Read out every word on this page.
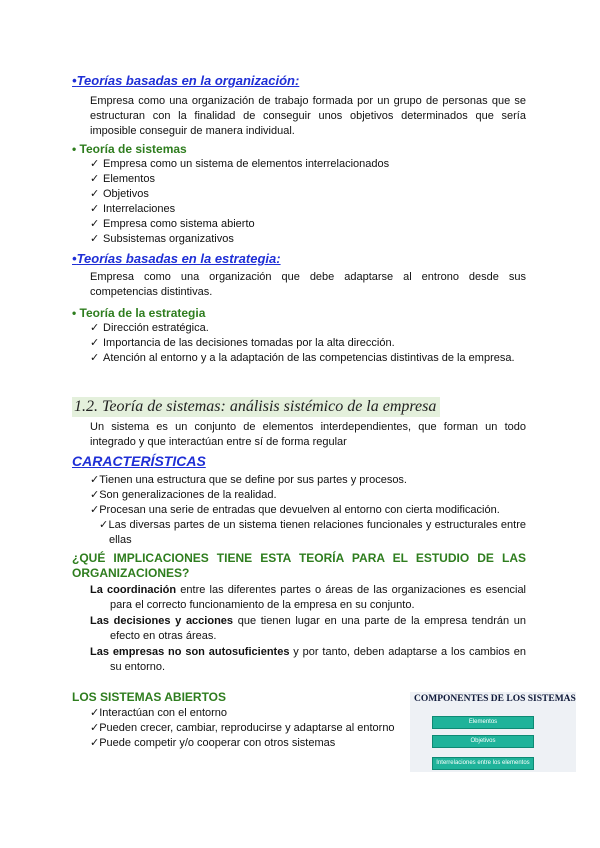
•Teorías basadas en la organización:
Empresa como una organización de trabajo formada por un grupo de personas que se estructuran con la finalidad de conseguir unos objetivos determinados que sería imposible conseguir de manera individual.
• Teoría de sistemas
✓ Empresa como un sistema de elementos interrelacionados
✓ Elementos
✓ Objetivos
✓ Interrelaciones
✓ Empresa como sistema abierto
✓ Subsistemas organizativos
•Teorías basadas en la estrategia:
Empresa como una organización que debe adaptarse al entrono desde sus competencias distintivas.
• Teoría de la estrategia
✓ Dirección estratégica.
✓ Importancia de las decisiones tomadas por la alta dirección.
✓ Atención al entorno y a la adaptación de las competencias distintivas de la empresa.
1.2. Teoría de sistemas: análisis sistémico de la empresa
Un sistema es un conjunto de elementos interdependientes, que forman un todo integrado y que interactúan entre sí de forma regular
CARACTERÍSTICAS
✓Tienen una estructura que se define por sus partes y procesos.
✓Son generalizaciones de la realidad.
✓Procesan una serie de entradas que devuelven al entorno con cierta modificación.
✓Las diversas partes de un sistema tienen relaciones funcionales y estructurales entre ellas
¿QUÉ IMPLICACIONES TIENE ESTA TEORÍA PARA EL ESTUDIO DE LAS ORGANIZACIONES?
La coordinación entre las diferentes partes o áreas de las organizaciones es esencial para el correcto funcionamiento de la empresa en su conjunto.
Las decisiones y acciones que tienen lugar en una parte de la empresa tendrán un efecto en otras áreas.
Las empresas no son autosuficientes y por tanto, deben adaptarse a los cambios en su entorno.
LOS SISTEMAS ABIERTOS
✓Interactúan con el entorno
✓Pueden crecer, cambiar, reproducirse y adaptarse al entorno
✓Puede competir y/o cooperar con otros sistemas
COMPONENTES DE LOS SISTEMAS
Elementos
Objetivos
Interrelaciones entre los elementos
